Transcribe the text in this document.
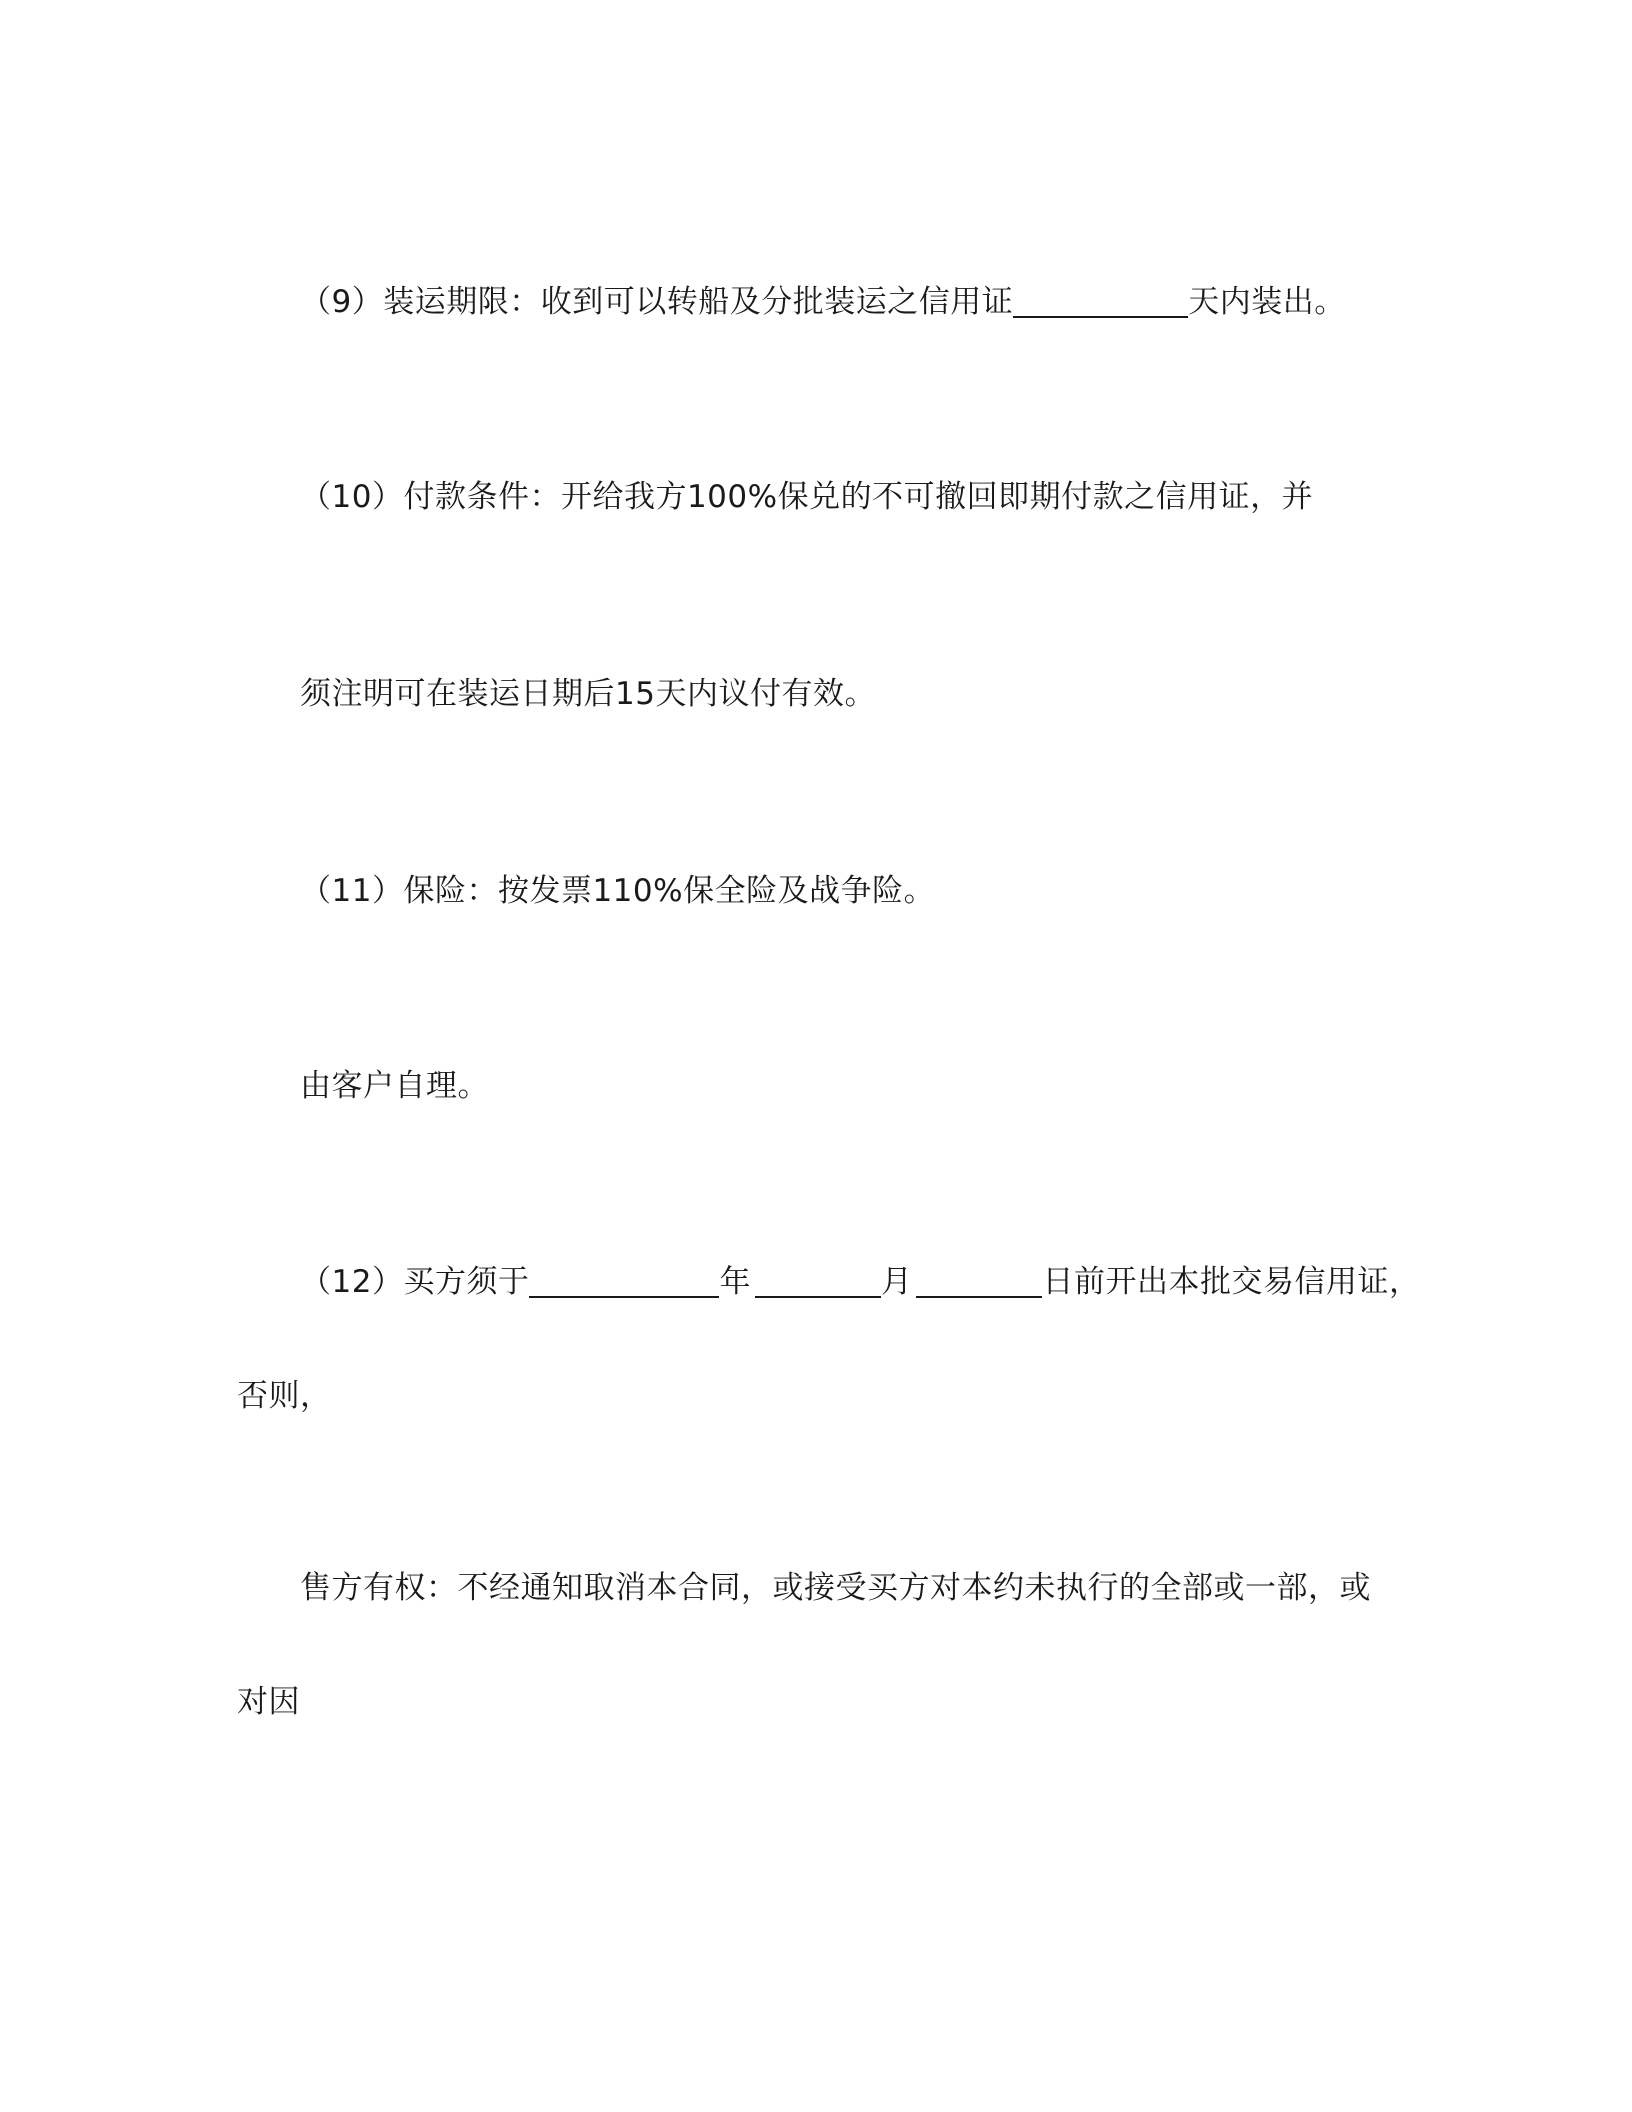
（9）装运期限：收到可以转船及分批装运之信用证	天内装出。
（10）付款条件：开给我方100%保兑的不可撤回即期付款之信用证，并
须注明可在装运日期后15天内议付有效。
（11）保险：按发票110%保全险及战争险。
由客户自理。
（12）买方须于	年	月	日前开出本批交易信用证，
否则，
售方有权：不经通知取消本合同，或接受买方对本约未执行的全部或一部，或
对因
